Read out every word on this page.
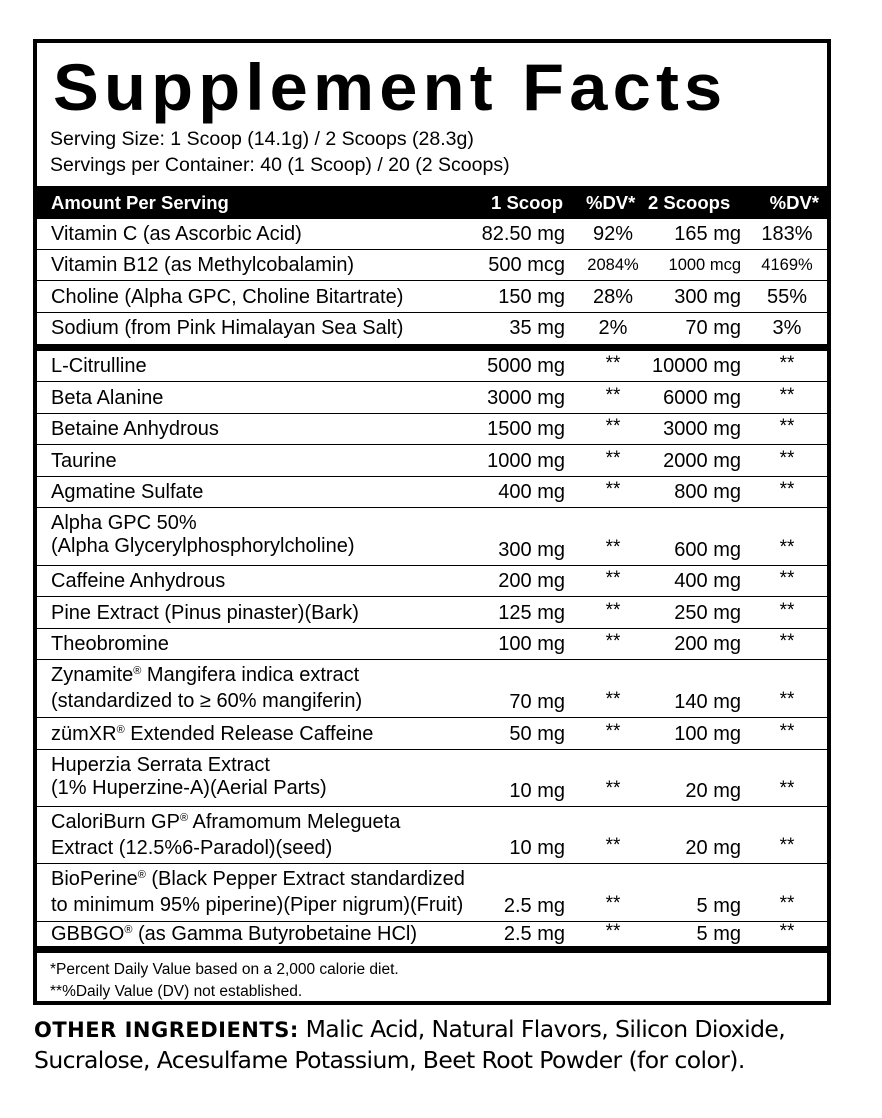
Supplement Facts
Serving Size: 1 Scoop (14.1g) / 2 Scoops (28.3g)
Servings per Container: 40 (1 Scoop) / 20 (2 Scoops)
Amount Per Serving	1 Scoop %DV* 2 Scoops %DV*
Vitamin C (as Ascorbic Acid)	82.50 mg	92%	165 mg 183%
Vitamin B12 (as Methylcobalamin)	500 mcg 2084% 1000 mcg 4169%
Choline (Alpha GPC, Choline Bitartrate)	150 mg	28%	300 mg	55%
Sodium (from Pink Himalayan Sea Salt)	35 mg	2%	70 mg	3%
L-Citrulline	5000 mg	**	10000 mg	**
Beta Alanine	3000 mg	**	6000 mg	**
Betaine Anhydrous	1500 mg	**	3000 mg	**
Taurine	1000 mg	**	2000 mg	**
Agmatine Sulfate	400 mg	**	800 mg	**
Alpha GPC 50%
(Alpha Glycerylphosphorylcholine)	300 mg	**	600 mg	**
Caffeine Anhydrous	200 mg	**	400 mg	**
Pine Extract (Pinus pinaster)(Bark)	125 mg	**	250 mg	**
Theobromine	100 mg	**	200 mg	**
Zynamite® Mangifera indica extract
(standardized to ≥ 60% mangiferin)	70 mg	**	140 mg	**
zümXR® Extended Release Caffeine	50 mg	**	100 mg	**
Huperzia Serrata Extract
(1% Huperzine-A)(Aerial Parts)	10 mg	**	20 mg	**
CaloriBurn GP® Aframomum Melegueta
Extract (12.5%6-Paradol)(seed)	10 mg	**	20 mg	**
BioPerine® (Black Pepper Extract standardized
to minimum 95% piperine)(Piper nigrum)(Fruit) 2.5 mg	**	5 mg	**
GBBGO® (as Gamma Butyrobetaine HCl)	2.5 mg	**	5 mg	**
*Percent Daily Value based on a 2,000 calorie diet.
**%Daily Value (DV) not established.
OTHER INGREDIENTS: Malic Acid, Natural Flavors, Silicon Dioxide, Sucralose, Acesulfame Potassium, Beet Root Powder (for color).
